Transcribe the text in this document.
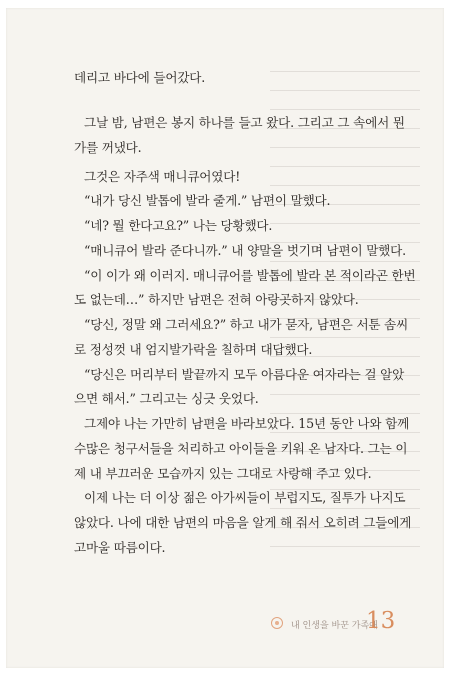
데리고 바다에 들어갔다.
그날 밤, 남편은 봉지 하나를 들고 왔다. 그리고 그 속에서 뭔
가를 꺼냈다.
그것은 자주색 매니큐어였다!
“내가 당신 발톱에 발라 줄게.” 남편이 말했다.
“네? 뭘 한다고요?” 나는 당황했다.
“매니큐어 발라 준다니까.” 내 양말을 벗기며 남편이 말했다.
“이 이가 왜 이러지. 매니큐어를 발톱에 발라 본 적이라곤 한번
도 없는데…” 하지만 남편은 전혀 아랑곳하지 않았다.
“당신, 정말 왜 그러세요?” 하고 내가 묻자, 남편은 서툰 솜씨
로 정성껏 내 엄지발가락을 칠하며 대답했다.
“당신은 머리부터 발끝까지 모두 아름다운 여자라는 걸 알았
으면 해서.” 그리고는 싱긋 웃었다.
그제야 나는 가만히 남편을 바라보았다. 15년 동안 나와 함께
수많은 청구서들을 처리하고 아이들을 키워 온 남자다. 그는 이
제 내 부끄러운 모습까지 있는 그대로 사랑해 주고 있다.
이제 나는 더 이상 젊은 아가씨들이 부럽지도, 질투가 나지도
않았다. 나에 대한 남편의 마음을 알게 해 줘서 오히려 그들에게
고마울 따름이다.
내 인생을 바꾼 가족애
13
